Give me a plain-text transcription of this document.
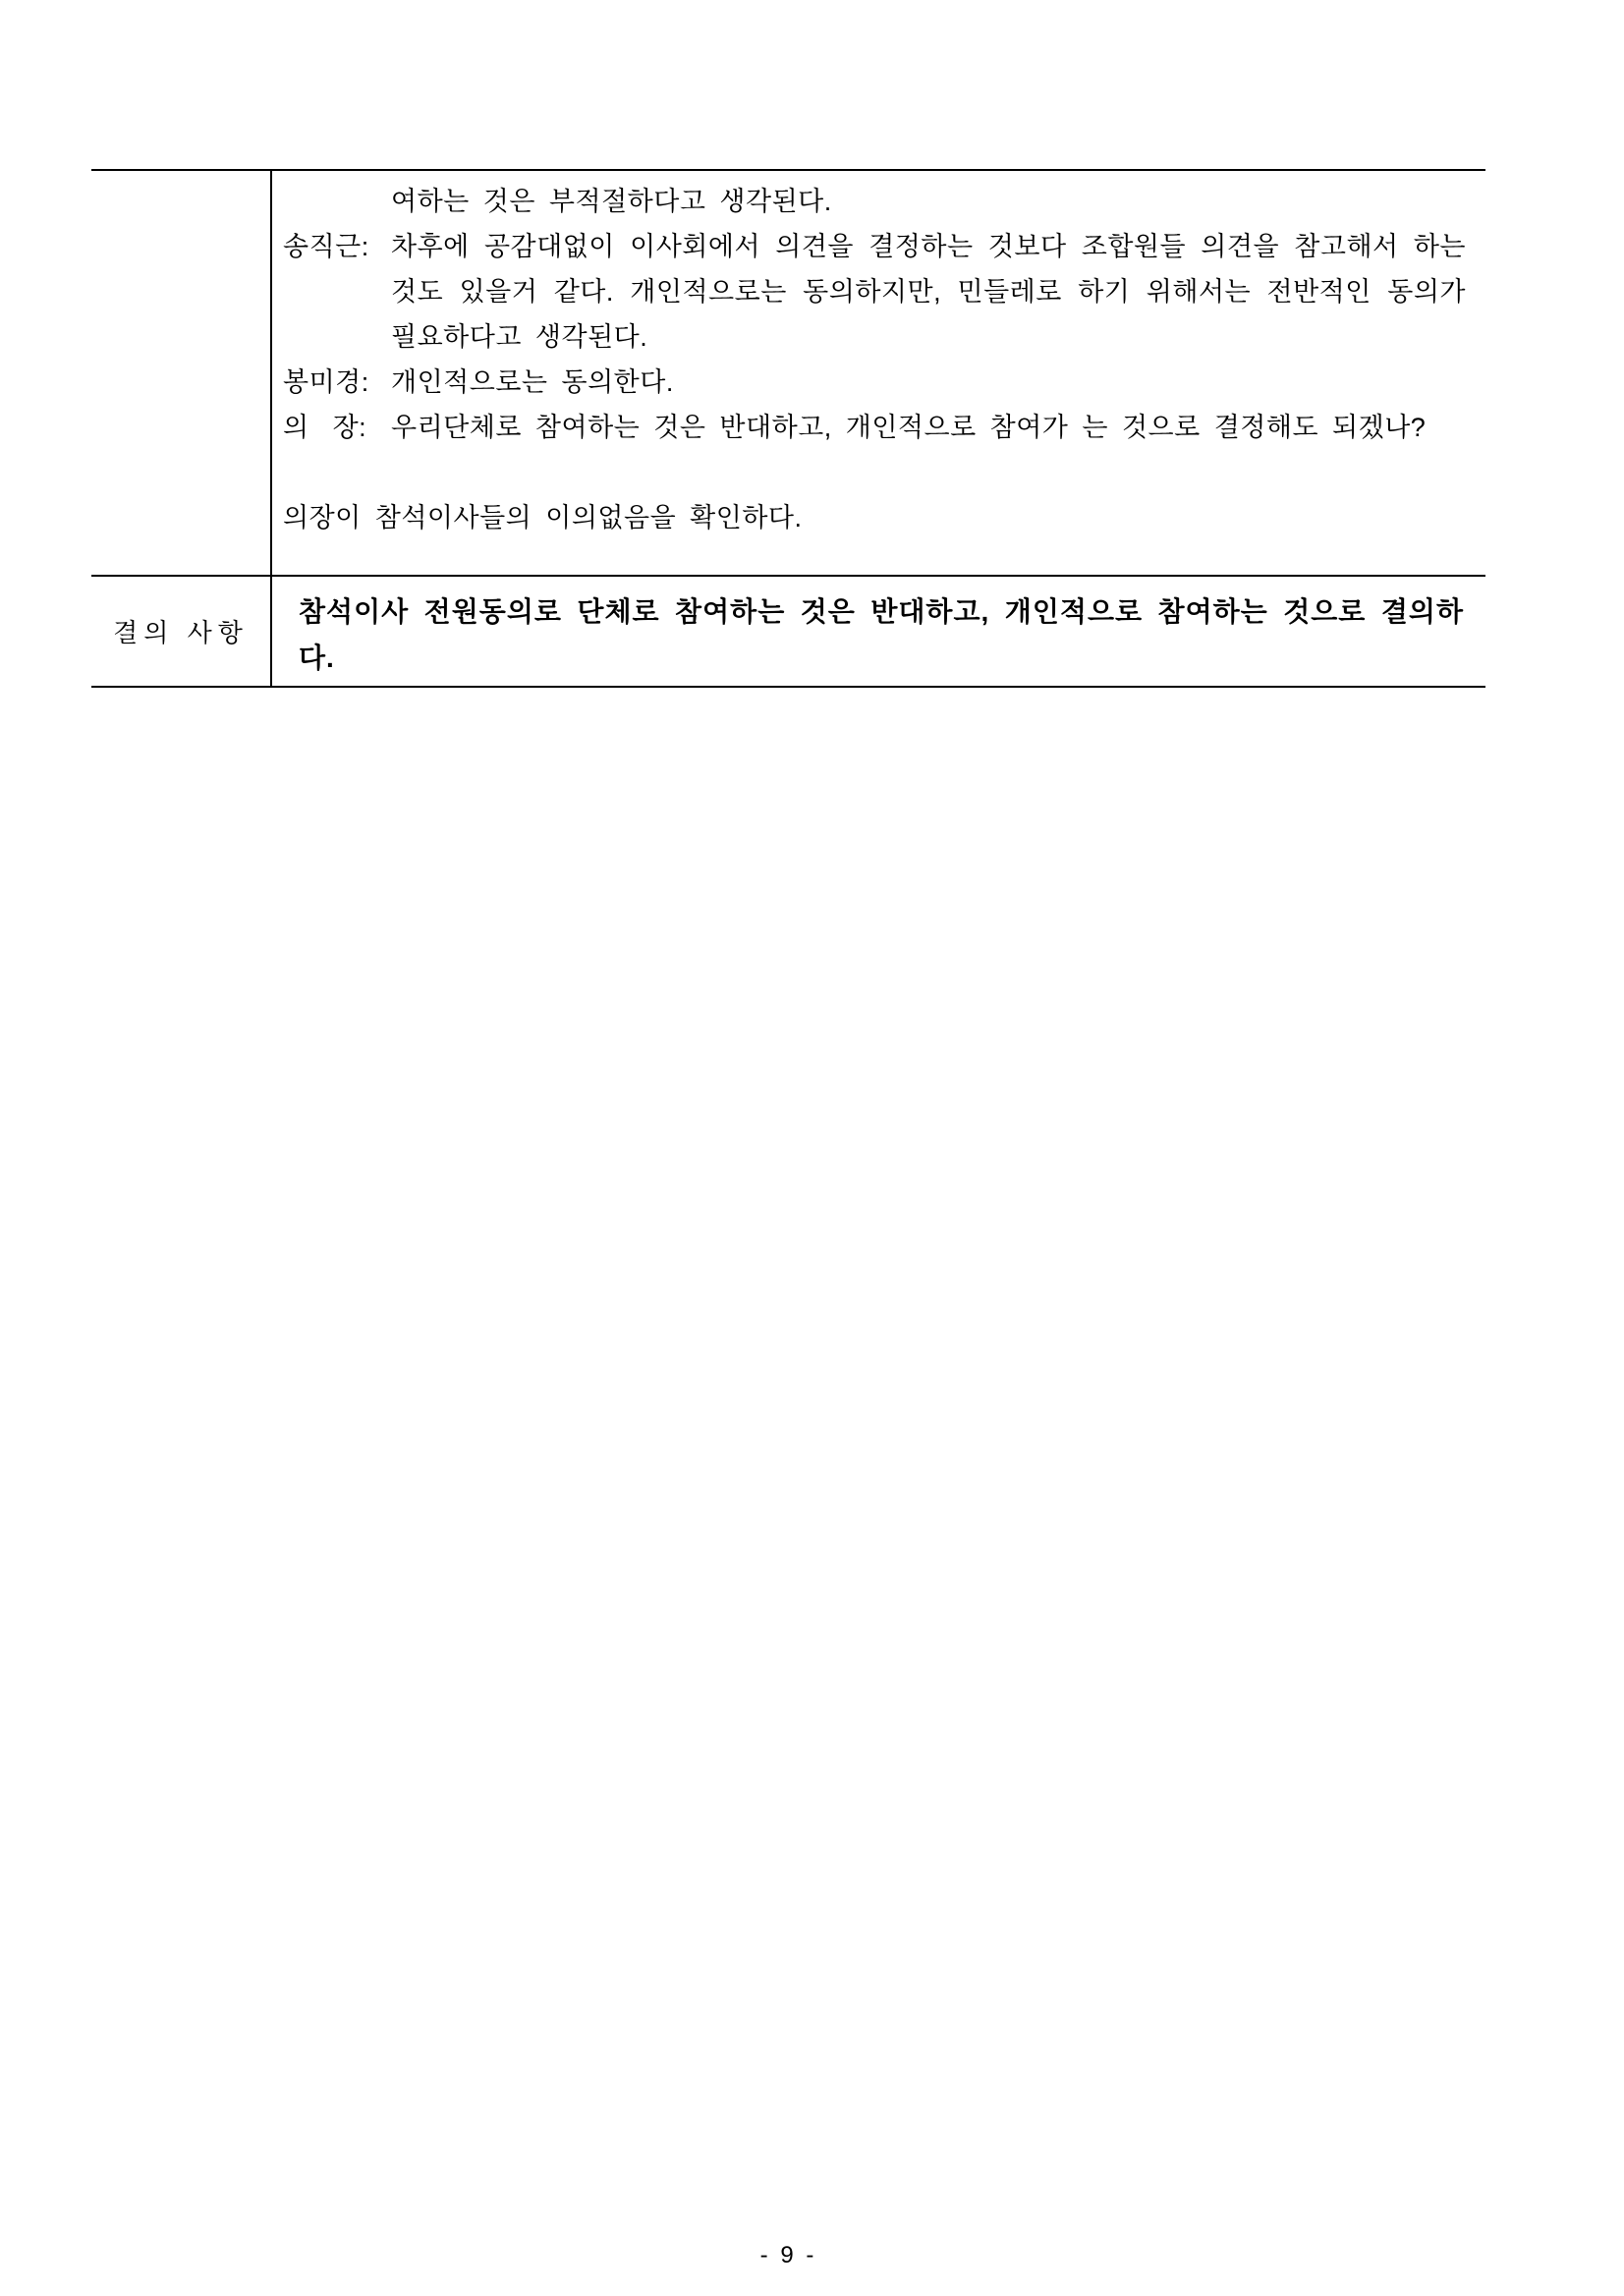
여하는 것은 부적절하다고 생각된다.
송직근: 차후에 공감대없이 이사회에서 의견을 결정하는 것보다 조합원들 의견을 참고해서 하는 것도 있을거 같다. 개인적으로는 동의하지만, 민들레로 하기 위해서는 전반적인 동의가 필요하다고 생각된다.
봉미경: 개인적으로는 동의한다.
의   장: 우리단체로 참여하는 것은 반대하고, 개인적으로 참여가 는 것으로 결정해도 되겠나?

의장이 참석이사들의 이의없음을 확인하다.

결의 사항

참석이사 전원동의로 단체로 참여하는 것은 반대하고, 개인적으로 참여하는 것으로 결의하다.

- 9 -
